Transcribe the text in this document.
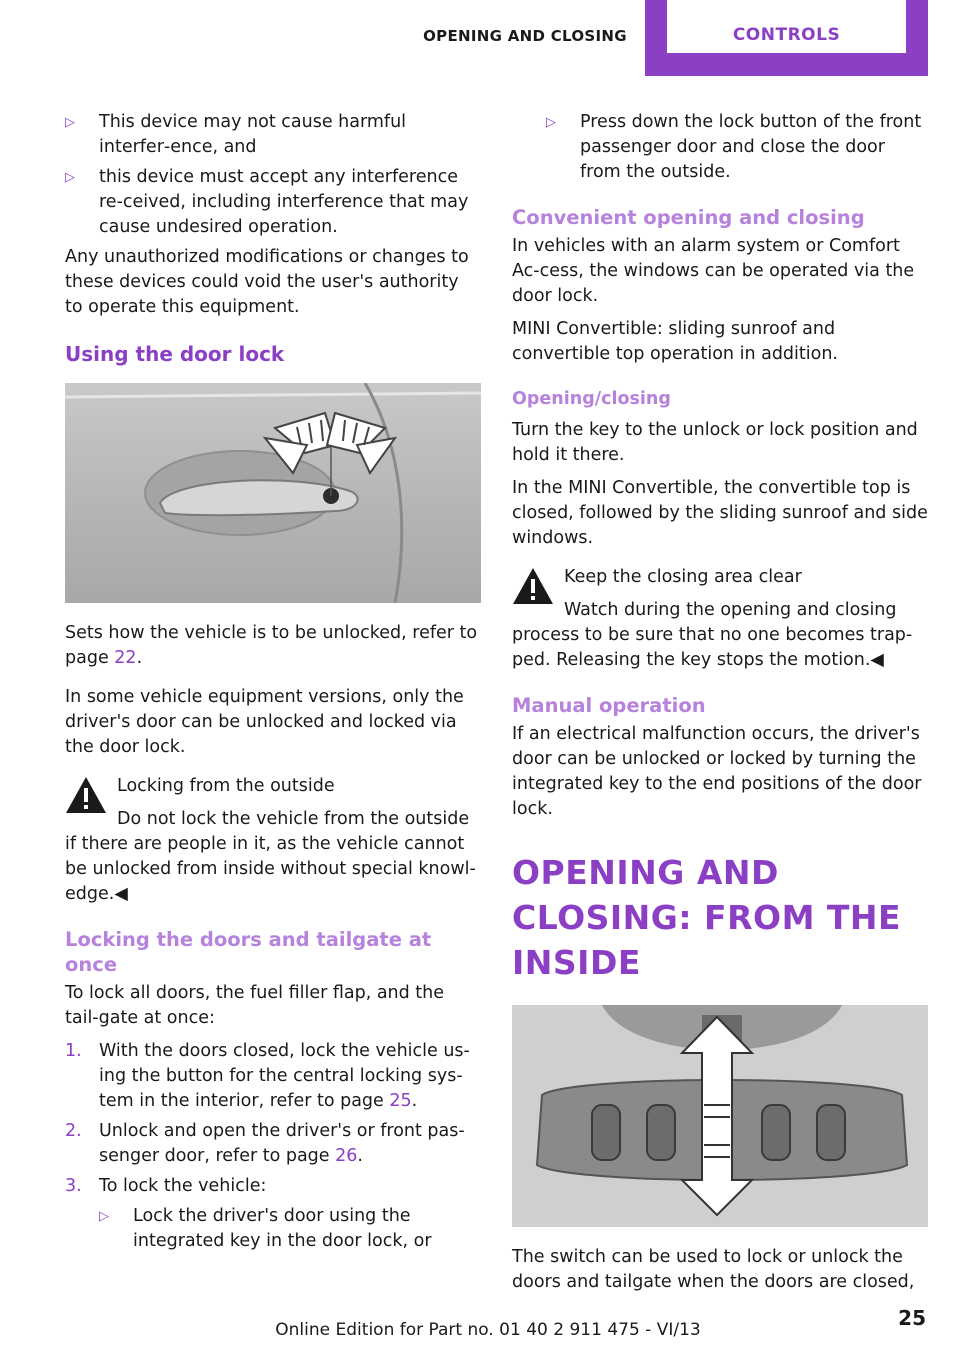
OPENING AND CLOSING	CONTROLS
▷ This device may not cause harmful interfer‐ence, and
▷ this device must accept any interference re‐ceived, including interference that may cause undesired operation.

Any unauthorized modifications or changes to these devices could void the user's authority to operate this equipment.

Using the door lock

Sets how the vehicle is to be unlocked, refer to page 22.

In some vehicle equipment versions, only the driver's door can be unlocked and locked via the door lock.

Locking from the outside
Do not lock the vehicle from the outside if there are people in it, as the vehicle cannot be unlocked from inside without special knowl‐edge.◀
Locking the doors and tailgate at once

To lock all doors, the fuel filler flap, and the tail‐gate at once:

1. With the doors closed, lock the vehicle us‐ing the button for the central locking sys‐tem in the interior, refer to page 25.
2. Unlock and open the driver's or front pas‐senger door, refer to page 26.
3. To lock the vehicle:
▷ Lock the driver's door using the integrated key in the door lock, or
▷ Press down the lock button of the front passenger door and close the door from the outside.
Convenient opening and closing

In vehicles with an alarm system or Comfort Ac‐cess, the windows can be operated via the door lock.

MINI Convertible: sliding sunroof and convertible top operation in addition.

Opening/closing

Turn the key to the unlock or lock position and hold it there.

In the MINI Convertible, the convertible top is closed, followed by the sliding sunroof and side windows.

Keep the closing area clear
Watch during the opening and closing process to be sure that no one becomes trap‐ped. Releasing the key stops the motion.◀
Manual operation

If an electrical malfunction occurs, the driver's door can be unlocked or locked by turning the integrated key to the end positions of the door lock.

OPENING AND CLOSING: FROM THE INSIDE

The switch can be used to lock or unlock the doors and tailgate when the doors are closed,

Online Edition for Part no. 01 40 2 911 475 - VI/13	25
